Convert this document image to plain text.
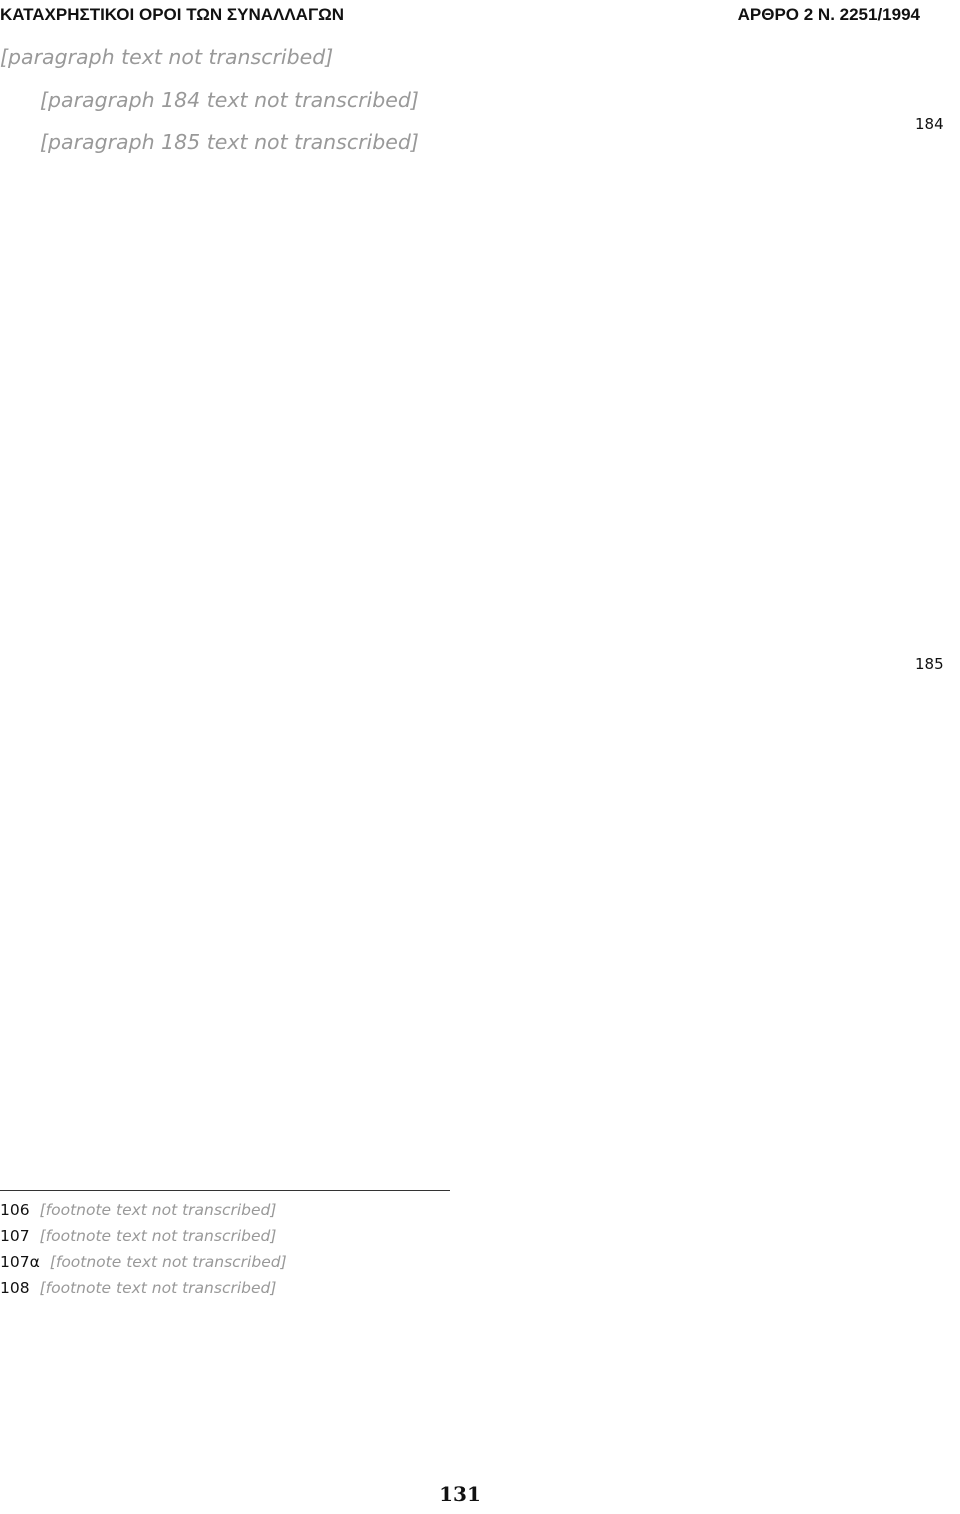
ΚΑΤΑΧΡΗΣΤΙΚΟΙ ΟΡΟΙ ΤΩΝ ΣΥΝΑΛΛΑΓΩΝ	ΑΡΘΡΟ 2 Ν. 2251/1994

[paragraph text not transcribed]

[paragraph 184 text not transcribed]

[paragraph 185 text not transcribed]

184
185
106 [footnote text not transcribed]
107 [footnote text not transcribed]
107α [footnote text not transcribed]
108 [footnote text not transcribed]
131
